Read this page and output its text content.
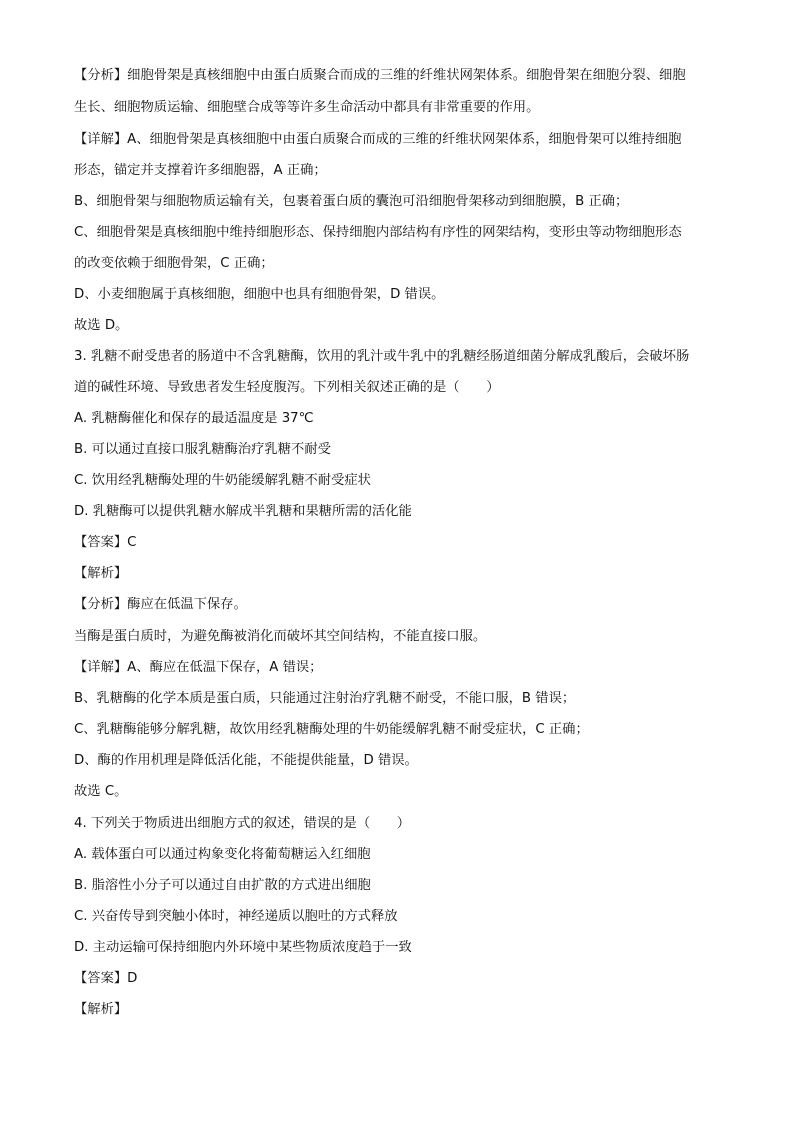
【分析】细胞骨架是真核细胞中由蛋白质聚合而成的三维的纤维状网架体系。细胞骨架在细胞分裂、细胞
生长、细胞物质运输、细胞壁合成等等许多生命活动中都具有非常重要的作用。
【详解】A、细胞骨架是真核细胞中由蛋白质聚合而成的三维的纤维状网架体系，细胞骨架可以维持细胞
形态，锚定并支撑着许多细胞器，A 正确；
B、细胞骨架与细胞物质运输有关，包裹着蛋白质的囊泡可沿细胞骨架移动到细胞膜，B 正确；
C、细胞骨架是真核细胞中维持细胞形态、保持细胞内部结构有序性的网架结构，变形虫等动物细胞形态
的改变依赖于细胞骨架，C 正确；
D、小麦细胞属于真核细胞，细胞中也具有细胞骨架，D 错误。
故选 D。
3. 乳糖不耐受患者的肠道中不含乳糖酶，饮用的乳汁或牛乳中的乳糖经肠道细菌分解成乳酸后，会破坏肠
道的碱性环境、导致患者发生轻度腹泻。下列相关叙述正确的是（　　）
A. 乳糖酶催化和保存的最适温度是 37℃
B. 可以通过直接口服乳糖酶治疗乳糖不耐受
C. 饮用经乳糖酶处理的牛奶能缓解乳糖不耐受症状
D. 乳糖酶可以提供乳糖水解成半乳糖和果糖所需的活化能
【答案】C
【解析】
【分析】酶应在低温下保存。
当酶是蛋白质时，为避免酶被消化而破坏其空间结构，不能直接口服。
【详解】A、酶应在低温下保存，A 错误；
B、乳糖酶的化学本质是蛋白质，只能通过注射治疗乳糖不耐受，不能口服，B 错误；
C、乳糖酶能够分解乳糖，故饮用经乳糖酶处理的牛奶能缓解乳糖不耐受症状，C 正确；
D、酶的作用机理是降低活化能，不能提供能量，D 错误。
故选 C。
4. 下列关于物质进出细胞方式的叙述，错误的是（　　）
A. 载体蛋白可以通过构象变化将葡萄糖运入红细胞
B. 脂溶性小分子可以通过自由扩散的方式进出细胞
C. 兴奋传导到突触小体时，神经递质以胞吐的方式释放
D. 主动运输可保持细胞内外环境中某些物质浓度趋于一致
【答案】D
【解析】
